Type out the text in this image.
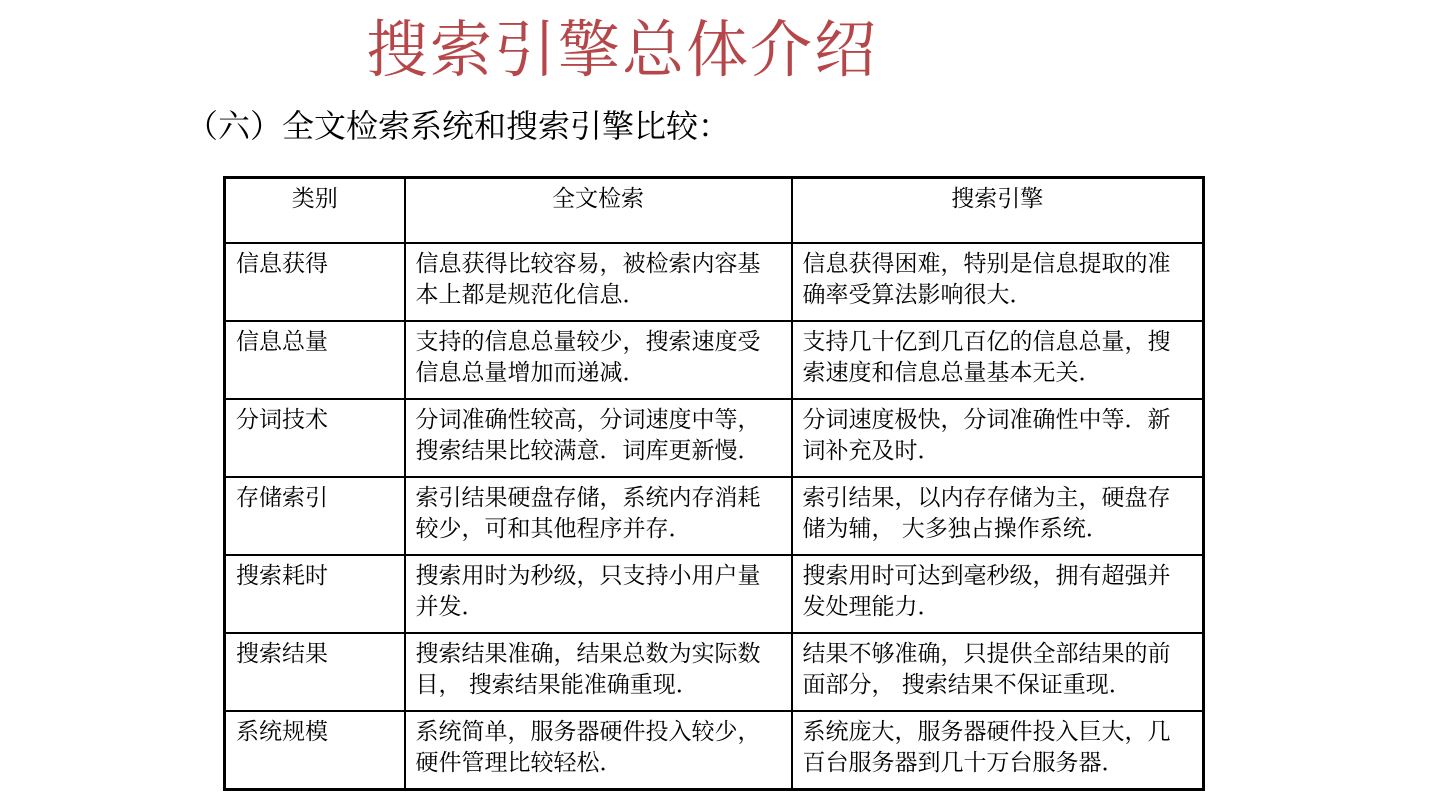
搜索引擎总体介绍
（六）全文检索系统和搜索引擎比较：
类别	全文检索	搜索引擎
信息获得	信息获得比较容易，被检索内容基本上都是规范化信息．	信息获得困难，特别是信息提取的准确率受算法影响很大．
信息总量	支持的信息总量较少，搜索速度受信息总量增加而递减．	支持几十亿到几百亿的信息总量，搜索速度和信息总量基本无关．
分词技术	分词准确性较高，分词速度中等，搜索结果比较满意．词库更新慢．	分词速度极快，分词准确性中等．新词补充及时．
存储索引	索引结果硬盘存储，系统内存消耗较少，可和其他程序并存．	索引结果，以内存存储为主，硬盘存储为辅， 大多独占操作系统．
搜索耗时	搜索用时为秒级，只支持小用户量并发．	搜索用时可达到毫秒级，拥有超强并发处理能力．
搜索结果	搜索结果准确，结果总数为实际数目， 搜索结果能准确重现．	结果不够准确，只提供全部结果的前面部分， 搜索结果不保证重现．
系统规模	系统简单，服务器硬件投入较少，硬件管理比较轻松．	系统庞大，服务器硬件投入巨大，几百台服务器到几十万台服务器．
